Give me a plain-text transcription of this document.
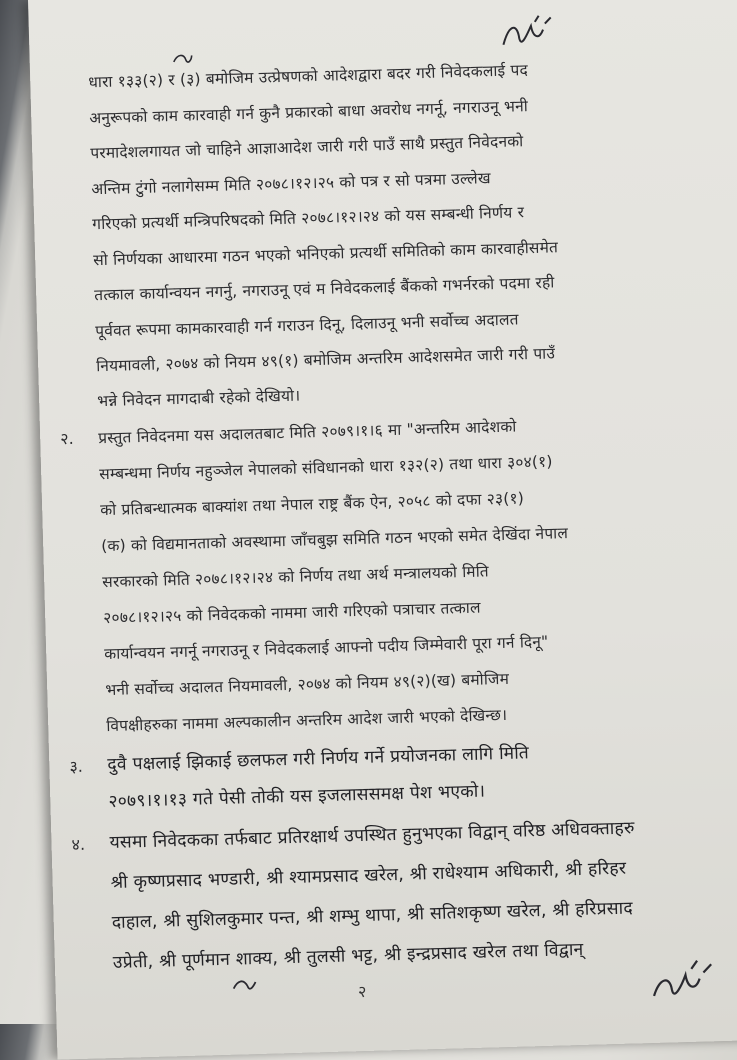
धारा १३३(२) र (३) बमोजिम उत्प्रेषणको आदेशद्वारा बदर गरी निवेदकलाई पद
अनुरूपको काम कारवाही गर्न कुनै प्रकारको बाधा अवरोध नगर्नू, नगराउनू भनी
परमादेशलगायत जो चाहिने आज्ञाआदेश जारी गरी पाउँ साथै प्रस्तुत निवेदनको
अन्तिम टुंगो नलागेसम्म मिति २०७८।१२।२५ को पत्र र सो पत्रमा उल्लेख
गरिएको प्रत्यर्थी मन्त्रिपरिषदको मिति २०७८।१२।२४ को यस सम्बन्धी निर्णय र
सो निर्णयका आधारमा गठन भएको भनिएको प्रत्यर्थी समितिको काम कारवाहीसमेत
तत्काल कार्यान्वयन नगर्नु, नगराउनू एवं म निवेदकलाई बैंकको गभर्नरको पदमा रही
पूर्ववत रूपमा कामकारवाही गर्न गराउन दिनू, दिलाउनू भनी सर्वोच्च अदालत
नियमावली, २०७४ को नियम ४९(१) बमोजिम अन्तरिम आदेशसमेत जारी गरी पाउँ
भन्ने निवेदन मागदाबी रहेको देखियो।
२. प्रस्तुत निवेदनमा यस अदालतबाट मिति २०७९।१।६ मा "अन्तरिम आदेशको
सम्बन्धमा निर्णय नहुञ्जेल नेपालको संविधानको धारा १३२(२) तथा धारा ३०४(१)
को प्रतिबन्धात्मक बाक्यांश तथा नेपाल राष्ट्र बैंक ऐन, २०५८ को दफा २३(१)
(क) को विद्यमानताको अवस्थामा जाँचबुझ समिति गठन भएको समेत देखिंदा नेपाल
सरकारको मिति २०७८।१२।२४ को निर्णय तथा अर्थ मन्त्रालयको मिति
२०७८।१२।२५ को निवेदकको नाममा जारी गरिएको पत्राचार तत्काल
कार्यान्वयन नगर्नू नगराउनू र निवेदकलाई आफ्नो पदीय जिम्मेवारी पूरा गर्न दिनू"
भनी सर्वोच्च अदालत नियमावली, २०७४ को नियम ४९(२)(ख) बमोजिम
विपक्षीहरुका नाममा अल्पकालीन अन्तरिम आदेश जारी भएको देखिन्छ।
३. दुवै पक्षलाई झिकाई छलफल गरी निर्णय गर्ने प्रयोजनका लागि मिति
२०७९।१।१३ गते पेसी तोकी यस इजलाससमक्ष पेश भएको।
४. यसमा निवेदकका तर्फबाट प्रतिरक्षार्थ उपस्थित हुनुभएका विद्वान् वरिष्ठ अधिवक्ताहरु
श्री कृष्णप्रसाद भण्डारी, श्री श्यामप्रसाद खरेल, श्री राधेश्याम अधिकारी, श्री हरिहर
दाहाल, श्री सुशिलकुमार पन्त, श्री शम्भु थापा, श्री सतिशकृष्ण खरेल, श्री हरिप्रसाद
उप्रेती, श्री पूर्णमान शाक्य, श्री तुलसी भट्ट, श्री इन्द्रप्रसाद खरेल तथा विद्वान्
२
